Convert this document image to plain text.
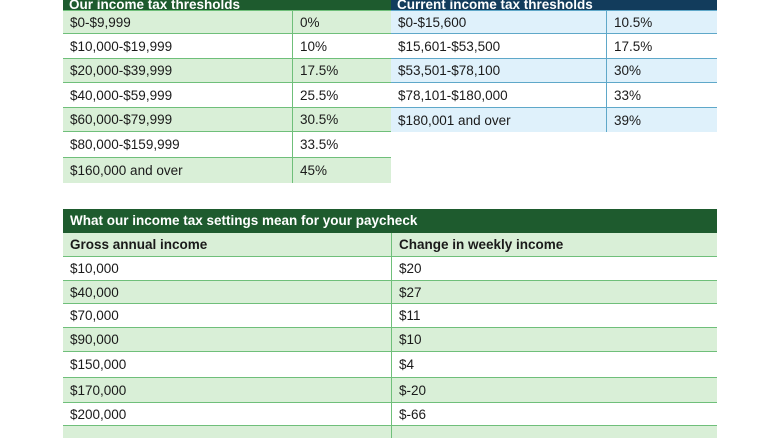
Our income tax thresholds
$0-$9,999	0%
$10,000-$19,999	10%
$20,000-$39,999	17.5%
$40,000-$59,999	25.5%
$60,000-$79,999	30.5%
$80,000-$159,999	33.5%
$160,000 and over	45%
Current income tax thresholds
$0-$15,600	10.5%
$15,601-$53,500	17.5%
$53,501-$78,100	30%
$78,101-$180,000	33%
$180,001 and over	39%
What our income tax settings mean for your paycheck
Gross annual income	Change in weekly income
$10,000	$20
$40,000	$27
$70,000	$11
$90,000	$10
$150,000	$4
$170,000	$-20
$200,000	$-66
